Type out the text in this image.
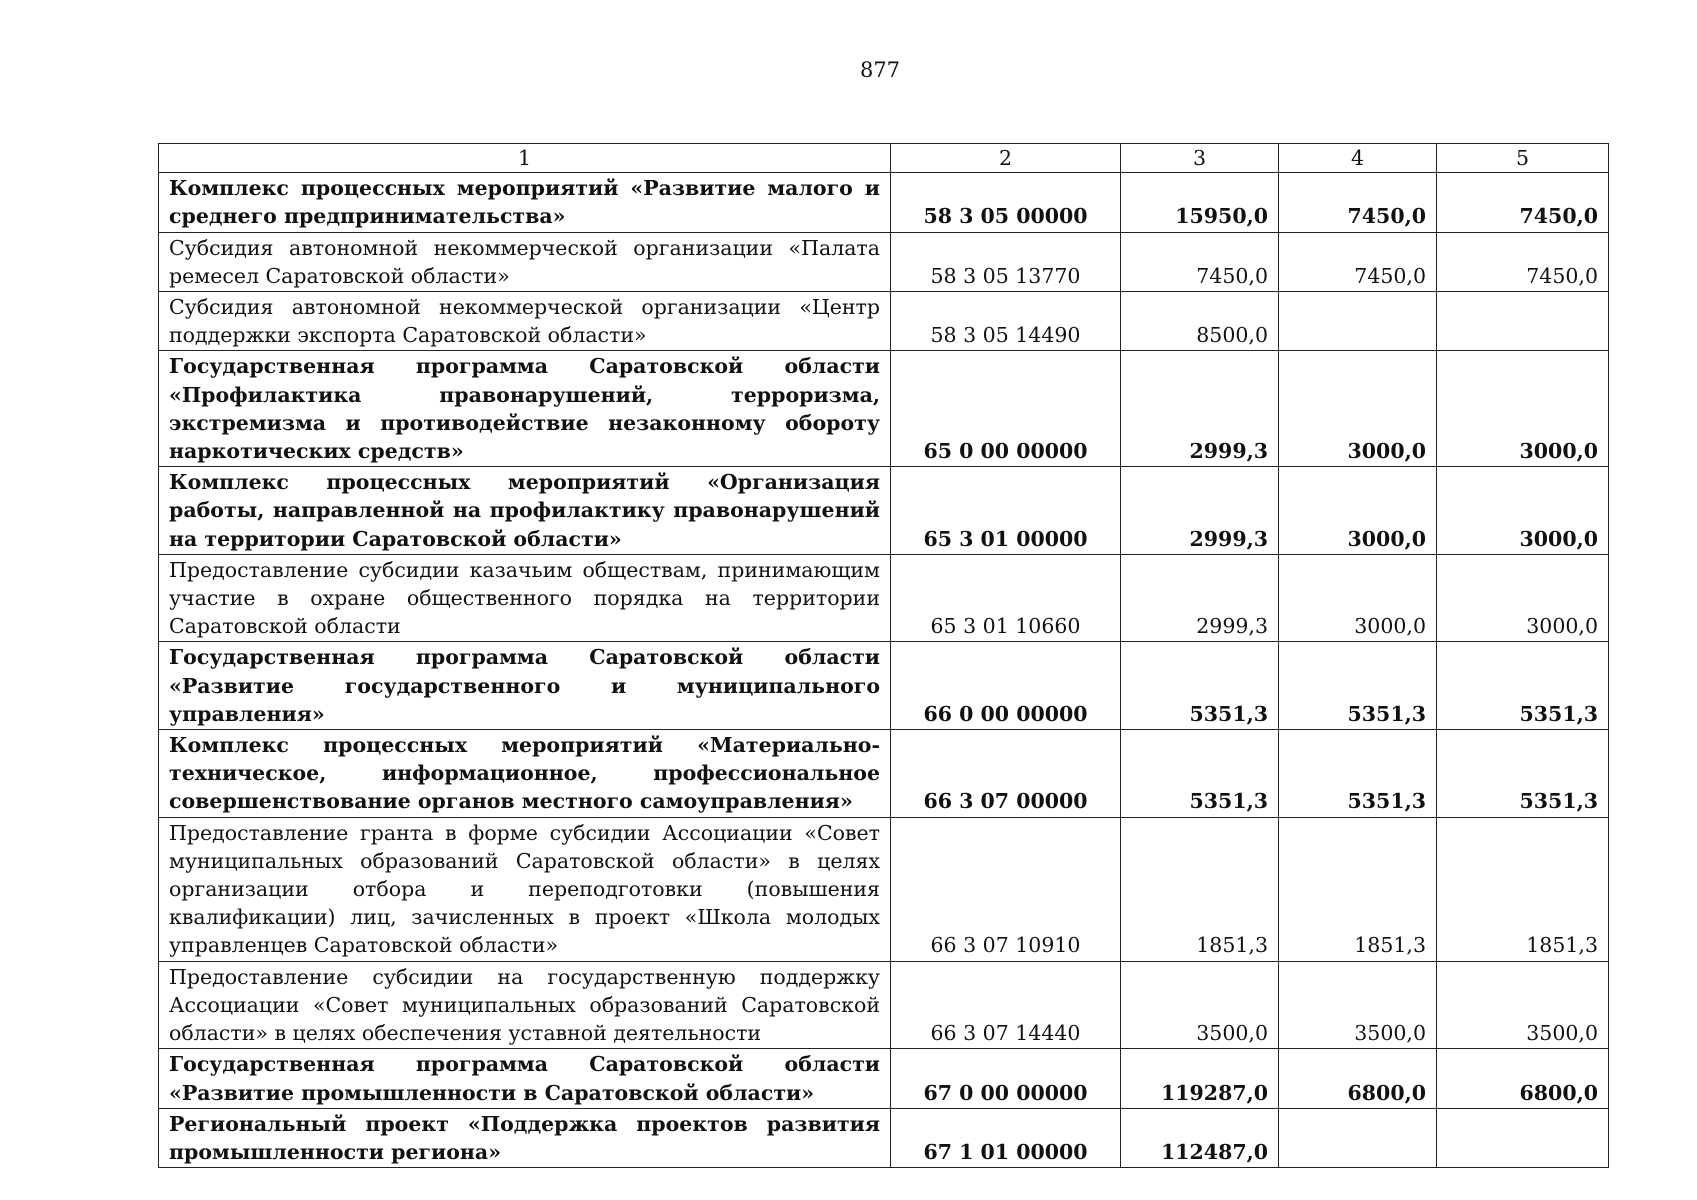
877
1	2	3	4	5
Комплекс процессных мероприятий «Развитие малого и среднего предпринимательства»	58 3 05 00000	15950,0	7450,0	7450,0
Субсидия автономной некоммерческой организации «Палата ремесел Саратовской области»	58 3 05 13770	7450,0	7450,0	7450,0
Субсидия автономной некоммерческой организации «Центр поддержки экспорта Саратовской области»	58 3 05 14490	8500,0		
Государственная программа Саратовской области «Профилактика правонарушений, терроризма, экстремизма и противодействие незаконному обороту наркотических средств»	65 0 00 00000	2999,3	3000,0	3000,0
Комплекс процессных мероприятий «Организация работы, направленной на профилактику правонарушений на территории Саратовской области»	65 3 01 00000	2999,3	3000,0	3000,0
Предоставление субсидии казачьим обществам, принимающим участие в охране общественного порядка на территории Саратовской области	65 3 01 10660	2999,3	3000,0	3000,0
Государственная программа Саратовской области «Развитие государственного и муниципального управления»	66 0 00 00000	5351,3	5351,3	5351,3
Комплекс процессных мероприятий «Материально-техническое, информационное, профессиональное совершенствование органов местного самоуправления»	66 3 07 00000	5351,3	5351,3	5351,3
Предоставление гранта в форме субсидии Ассоциации «Совет муниципальных образований Саратовской области» в целях организации отбора и переподготовки (повышения квалификации) лиц, зачисленных в проект «Школа молодых управленцев Саратовской области»	66 3 07 10910	1851,3	1851,3	1851,3
Предоставление субсидии на государственную поддержку Ассоциации «Совет муниципальных образований Саратовской области» в целях обеспечения уставной деятельности	66 3 07 14440	3500,0	3500,0	3500,0
Государственная программа Саратовской области «Развитие промышленности в Саратовской области»	67 0 00 00000	119287,0	6800,0	6800,0
Региональный проект «Поддержка проектов развития промышленности региона»	67 1 01 00000	112487,0		
